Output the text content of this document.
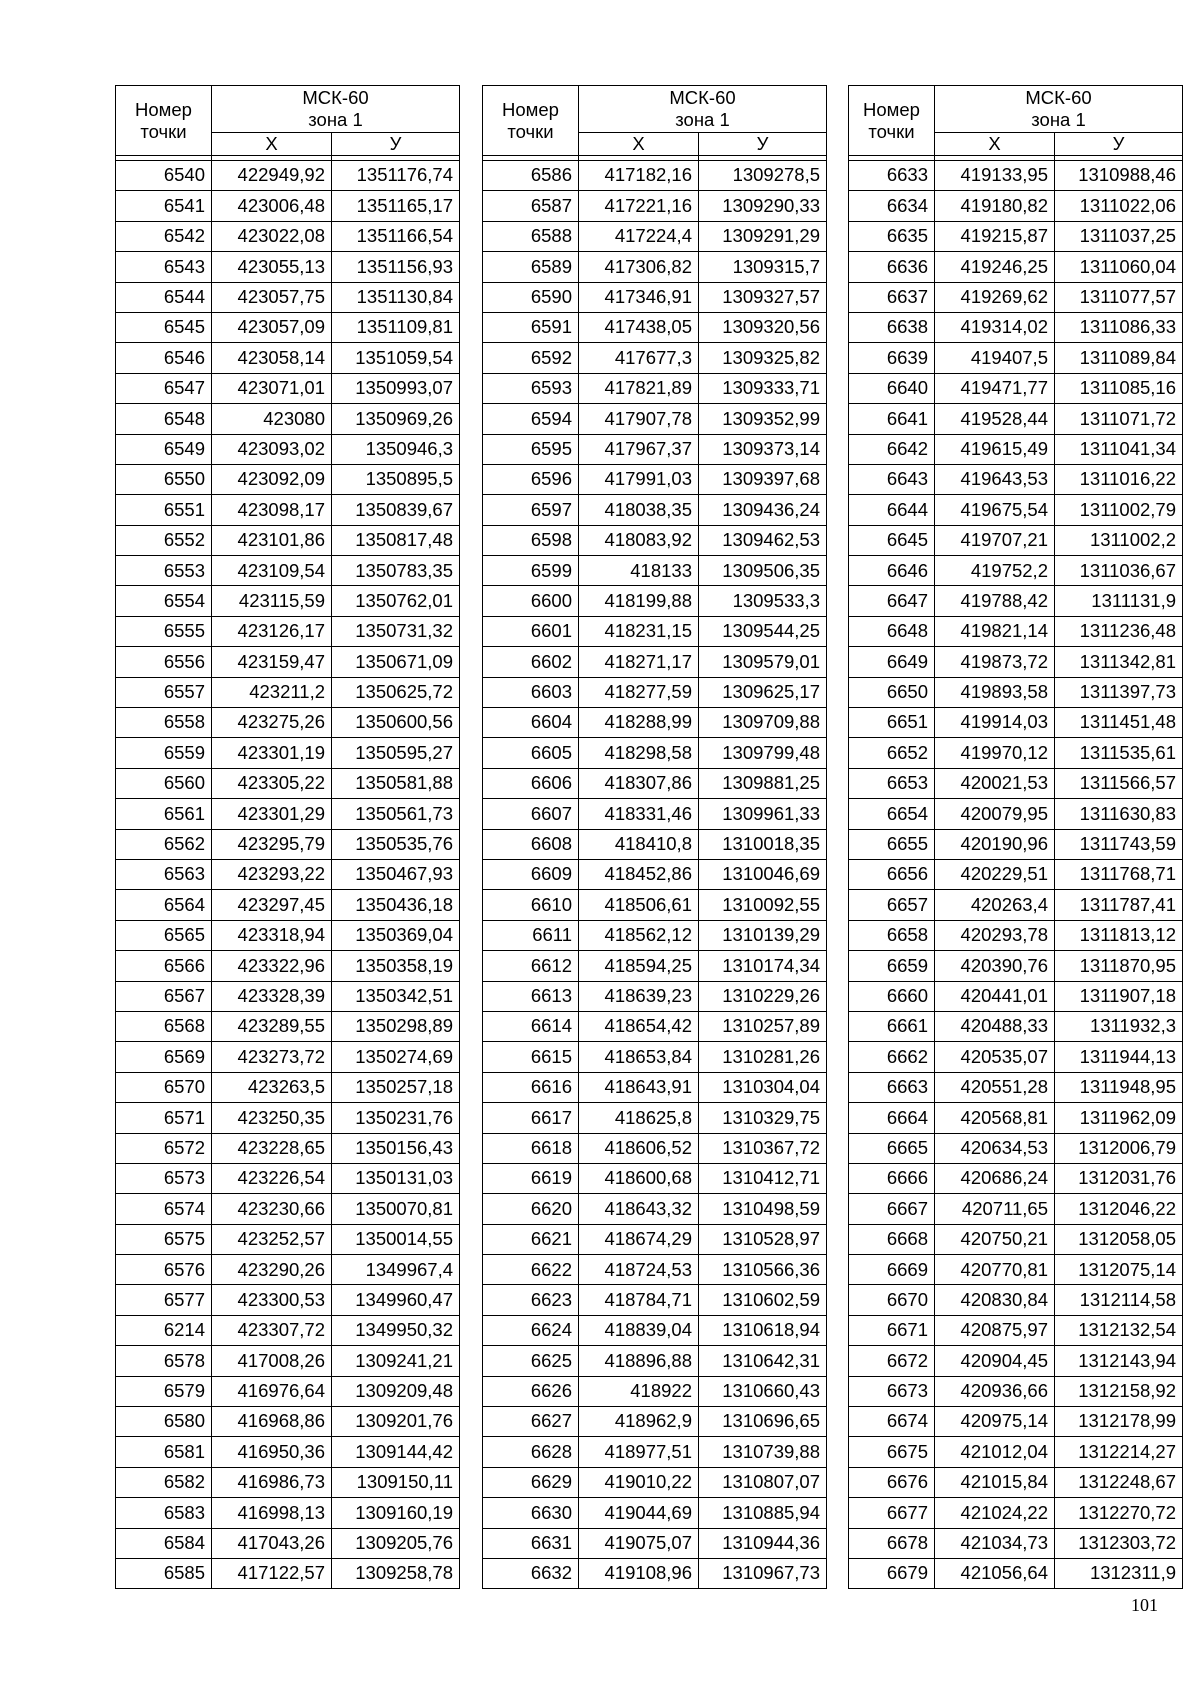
Номер
точки	МСК-60
зона 1	

	X	У

6540	422949,92	1351176,74
6541	423006,48	1351165,17
6542	423022,08	1351166,54
6543	423055,13	1351156,93
6544	423057,75	1351130,84
6545	423057,09	1351109,81
6546	423058,14	1351059,54
6547	423071,01	1350993,07
6548	423080	1350969,26
6549	423093,02	1350946,3
6550	423092,09	1350895,5
6551	423098,17	1350839,67
6552	423101,86	1350817,48
6553	423109,54	1350783,35
6554	423115,59	1350762,01
6555	423126,17	1350731,32
6556	423159,47	1350671,09
6557	423211,2	1350625,72
6558	423275,26	1350600,56
6559	423301,19	1350595,27
6560	423305,22	1350581,88
6561	423301,29	1350561,73
6562	423295,79	1350535,76
6563	423293,22	1350467,93
6564	423297,45	1350436,18
6565	423318,94	1350369,04
6566	423322,96	1350358,19
6567	423328,39	1350342,51
6568	423289,55	1350298,89
6569	423273,72	1350274,69
6570	423263,5	1350257,18
6571	423250,35	1350231,76
6572	423228,65	1350156,43
6573	423226,54	1350131,03
6574	423230,66	1350070,81
6575	423252,57	1350014,55
6576	423290,26	1349967,4
6577	423300,53	1349960,47
6214	423307,72	1349950,32
6578	417008,26	1309241,21
6579	416976,64	1309209,48
6580	416968,86	1309201,76
6581	416950,36	1309144,42
6582	416986,73	1309150,11
6583	416998,13	1309160,19
6584	417043,26	1309205,76
6585	417122,57	1309258,78
Номер
точки	МСК-60
зона 1	

	X	У

6586	417182,16	1309278,5
6587	417221,16	1309290,33
6588	417224,4	1309291,29
6589	417306,82	1309315,7
6590	417346,91	1309327,57
6591	417438,05	1309320,56
6592	417677,3	1309325,82
6593	417821,89	1309333,71
6594	417907,78	1309352,99
6595	417967,37	1309373,14
6596	417991,03	1309397,68
6597	418038,35	1309436,24
6598	418083,92	1309462,53
6599	418133	1309506,35
6600	418199,88	1309533,3
6601	418231,15	1309544,25
6602	418271,17	1309579,01
6603	418277,59	1309625,17
6604	418288,99	1309709,88
6605	418298,58	1309799,48
6606	418307,86	1309881,25
6607	418331,46	1309961,33
6608	418410,8	1310018,35
6609	418452,86	1310046,69
6610	418506,61	1310092,55
6611	418562,12	1310139,29
6612	418594,25	1310174,34
6613	418639,23	1310229,26
6614	418654,42	1310257,89
6615	418653,84	1310281,26
6616	418643,91	1310304,04
6617	418625,8	1310329,75
6618	418606,52	1310367,72
6619	418600,68	1310412,71
6620	418643,32	1310498,59
6621	418674,29	1310528,97
6622	418724,53	1310566,36
6623	418784,71	1310602,59
6624	418839,04	1310618,94
6625	418896,88	1310642,31
6626	418922	1310660,43
6627	418962,9	1310696,65
6628	418977,51	1310739,88
6629	419010,22	1310807,07
6630	419044,69	1310885,94
6631	419075,07	1310944,36
6632	419108,96	1310967,73
Номер
точки	МСК-60
зона 1	

	X	У

6633	419133,95	1310988,46
6634	419180,82	1311022,06
6635	419215,87	1311037,25
6636	419246,25	1311060,04
6637	419269,62	1311077,57
6638	419314,02	1311086,33
6639	419407,5	1311089,84
6640	419471,77	1311085,16
6641	419528,44	1311071,72
6642	419615,49	1311041,34
6643	419643,53	1311016,22
6644	419675,54	1311002,79
6645	419707,21	1311002,2
6646	419752,2	1311036,67
6647	419788,42	1311131,9
6648	419821,14	1311236,48
6649	419873,72	1311342,81
6650	419893,58	1311397,73
6651	419914,03	1311451,48
6652	419970,12	1311535,61
6653	420021,53	1311566,57
6654	420079,95	1311630,83
6655	420190,96	1311743,59
6656	420229,51	1311768,71
6657	420263,4	1311787,41
6658	420293,78	1311813,12
6659	420390,76	1311870,95
6660	420441,01	1311907,18
6661	420488,33	1311932,3
6662	420535,07	1311944,13
6663	420551,28	1311948,95
6664	420568,81	1311962,09
6665	420634,53	1312006,79
6666	420686,24	1312031,76
6667	420711,65	1312046,22
6668	420750,21	1312058,05
6669	420770,81	1312075,14
6670	420830,84	1312114,58
6671	420875,97	1312132,54
6672	420904,45	1312143,94
6673	420936,66	1312158,92
6674	420975,14	1312178,99
6675	421012,04	1312214,27
6676	421015,84	1312248,67
6677	421024,22	1312270,72
6678	421034,73	1312303,72
6679	421056,64	1312311,9
101
